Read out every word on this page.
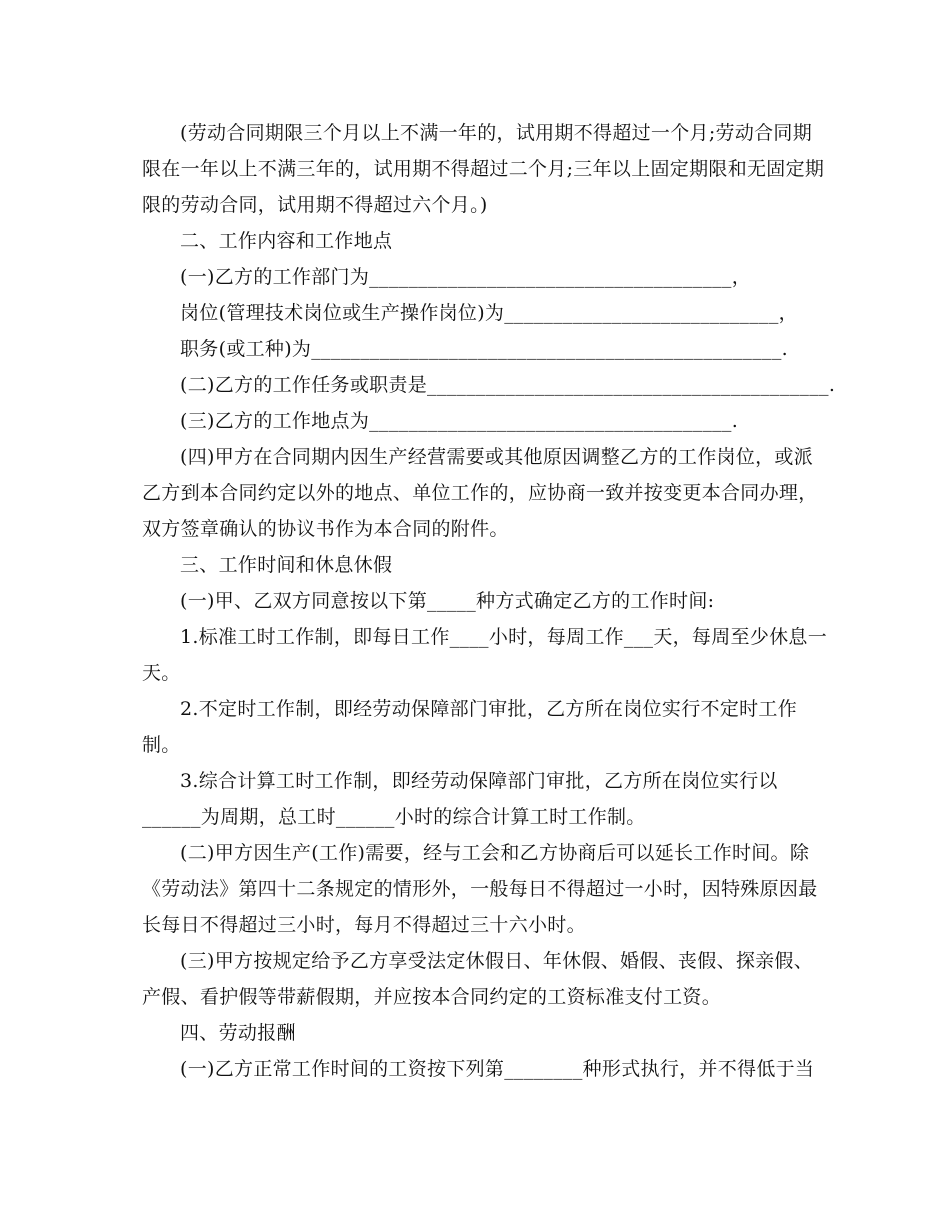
(劳动合同期限三个月以上不满一年的，试用期不得超过一个月;劳动合同期
限在一年以上不满三年的，试用期不得超过二个月;三年以上固定期限和无固定期
限的劳动合同，试用期不得超过六个月。)
二、工作内容和工作地点
(一)乙方的工作部门为_____________________________________，
岗位(管理技术岗位或生产操作岗位)为____________________________，
职务(或工种)为________________________________________________.
(二)乙方的工作任务或职责是_________________________________________.
(三)乙方的工作地点为_____________________________________.
(四)甲方在合同期内因生产经营需要或其他原因调整乙方的工作岗位，或派
乙方到本合同约定以外的地点、单位工作的，应协商一致并按变更本合同办理，
双方签章确认的协议书作为本合同的附件。
三、工作时间和休息休假
(一)甲、乙双方同意按以下第_____种方式确定乙方的工作时间:
1.标准工时工作制，即每日工作____小时，每周工作___天，每周至少休息一
天。
2.不定时工作制，即经劳动保障部门审批，乙方所在岗位实行不定时工作
制。
3.综合计算工时工作制，即经劳动保障部门审批，乙方所在岗位实行以
______为周期，总工时______小时的综合计算工时工作制。
(二)甲方因生产(工作)需要，经与工会和乙方协商后可以延长工作时间。除
《劳动法》第四十二条规定的情形外，一般每日不得超过一小时，因特殊原因最
长每日不得超过三小时，每月不得超过三十六小时。
(三)甲方按规定给予乙方享受法定休假日、年休假、婚假、丧假、探亲假、
产假、看护假等带薪假期，并应按本合同约定的工资标准支付工资。
四、劳动报酬
(一)乙方正常工作时间的工资按下列第________种形式执行，并不得低于当
